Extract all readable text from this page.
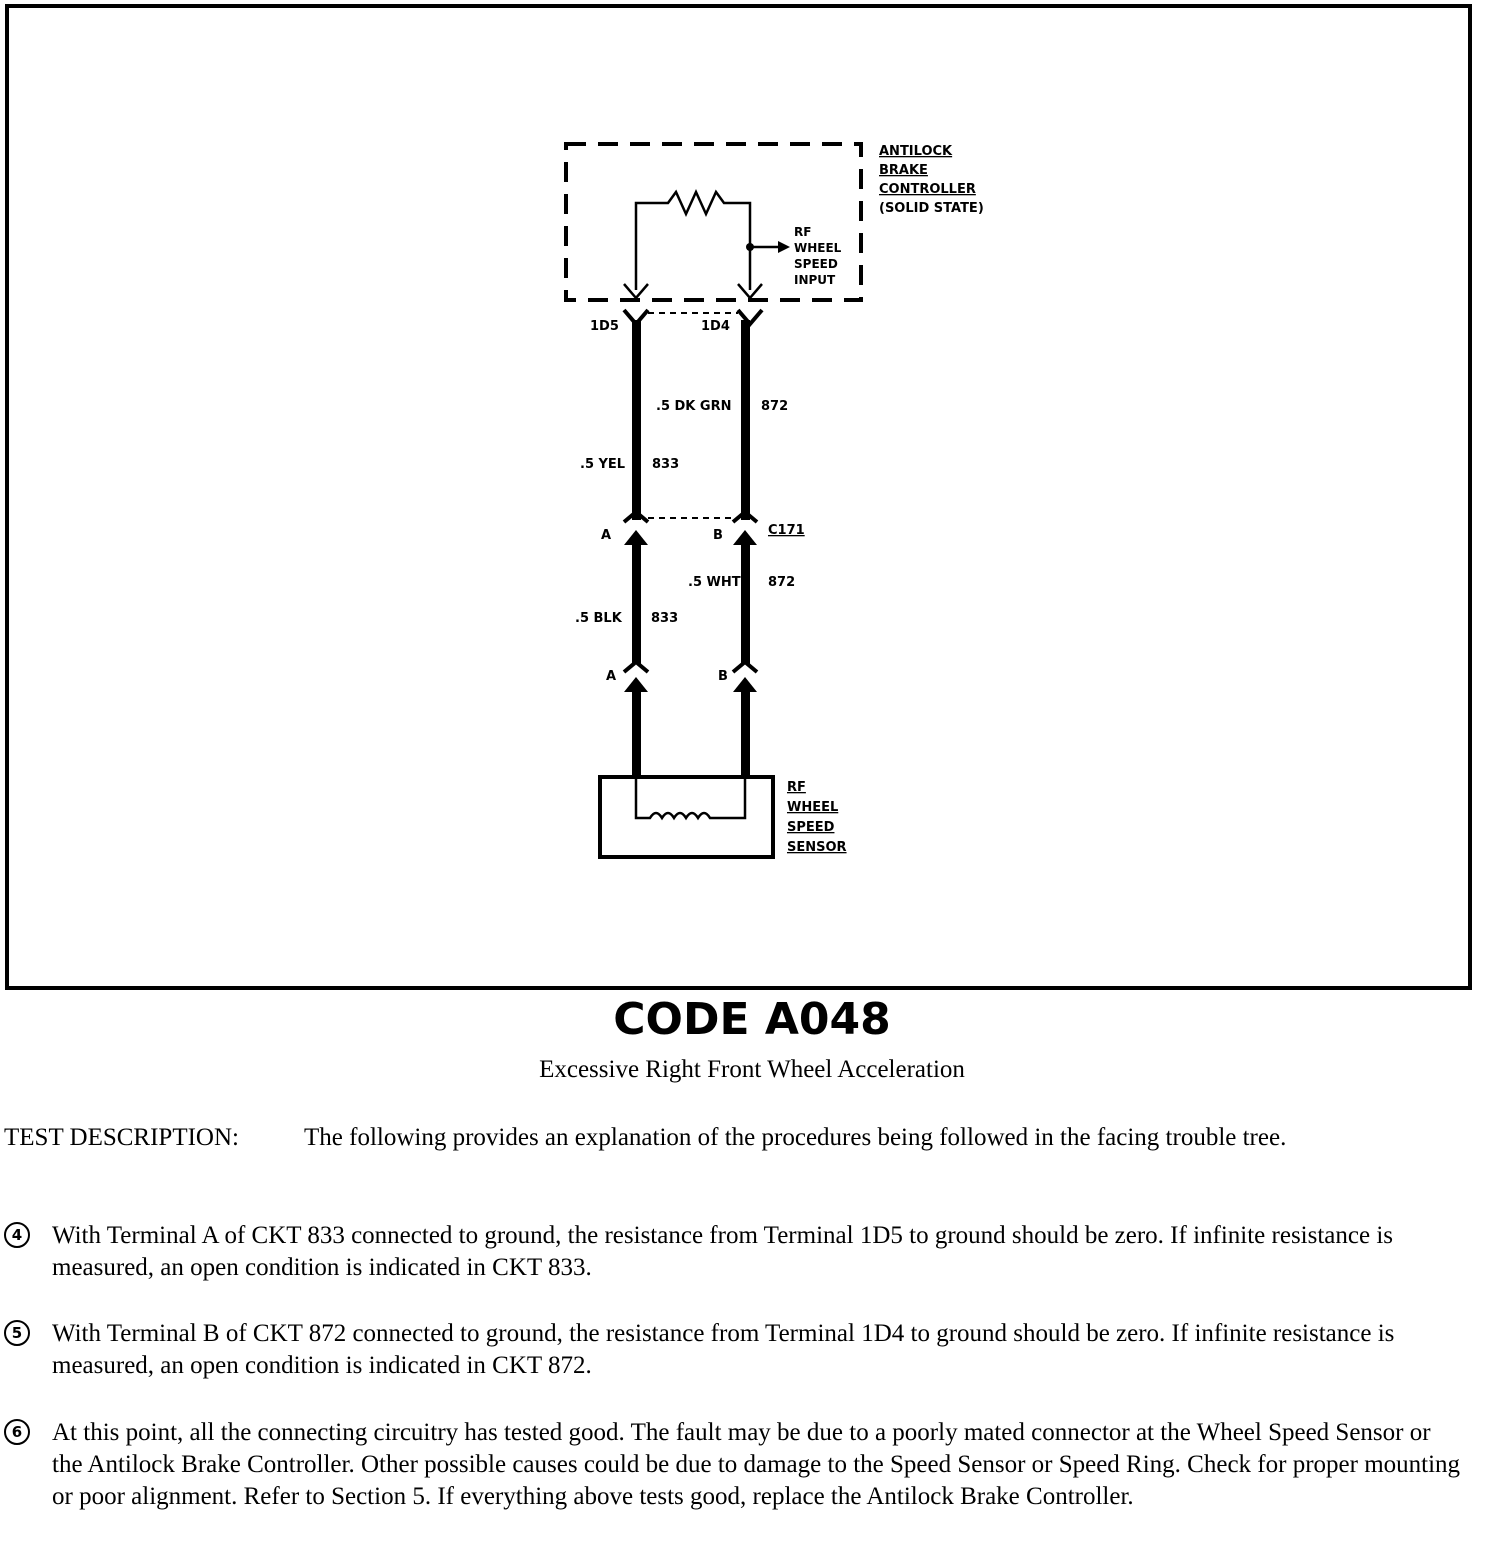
ANTILOCK
BRAKE
CONTROLLER
(SOLID STATE)
RF
WHEEL
SPEED
INPUT
1D5	1D4
.5 DK GRN 872
.5 YEL 833
A	B	C171
.5 WHT 872
.5 BLK 833
A	B
RF
WHEEL
SPEED
SENSOR
CODE A048
Excessive Right Front Wheel Acceleration
TEST DESCRIPTION:	The following provides an explanation of the procedures being followed in the facing trouble tree.
4	With Terminal A of CKT 833 connected to ground, the resistance from Terminal 1D5 to ground should be zero. If infinite resistance is measured, an open condition is indicated in CKT 833.
5	With Terminal B of CKT 872 connected to ground, the resistance from Terminal 1D4 to ground should be zero. If infinite resistance is measured, an open condition is indicated in CKT 872.
6	At this point, all the connecting circuitry has tested good. The fault may be due to a poorly mated connector at the Wheel Speed Sensor or the Antilock Brake Controller. Other possible causes could be due to damage to the Speed Sensor or Speed Ring. Check for proper mounting or poor alignment. Refer to Section 5. If everything above tests good, replace the Antilock Brake Controller.
